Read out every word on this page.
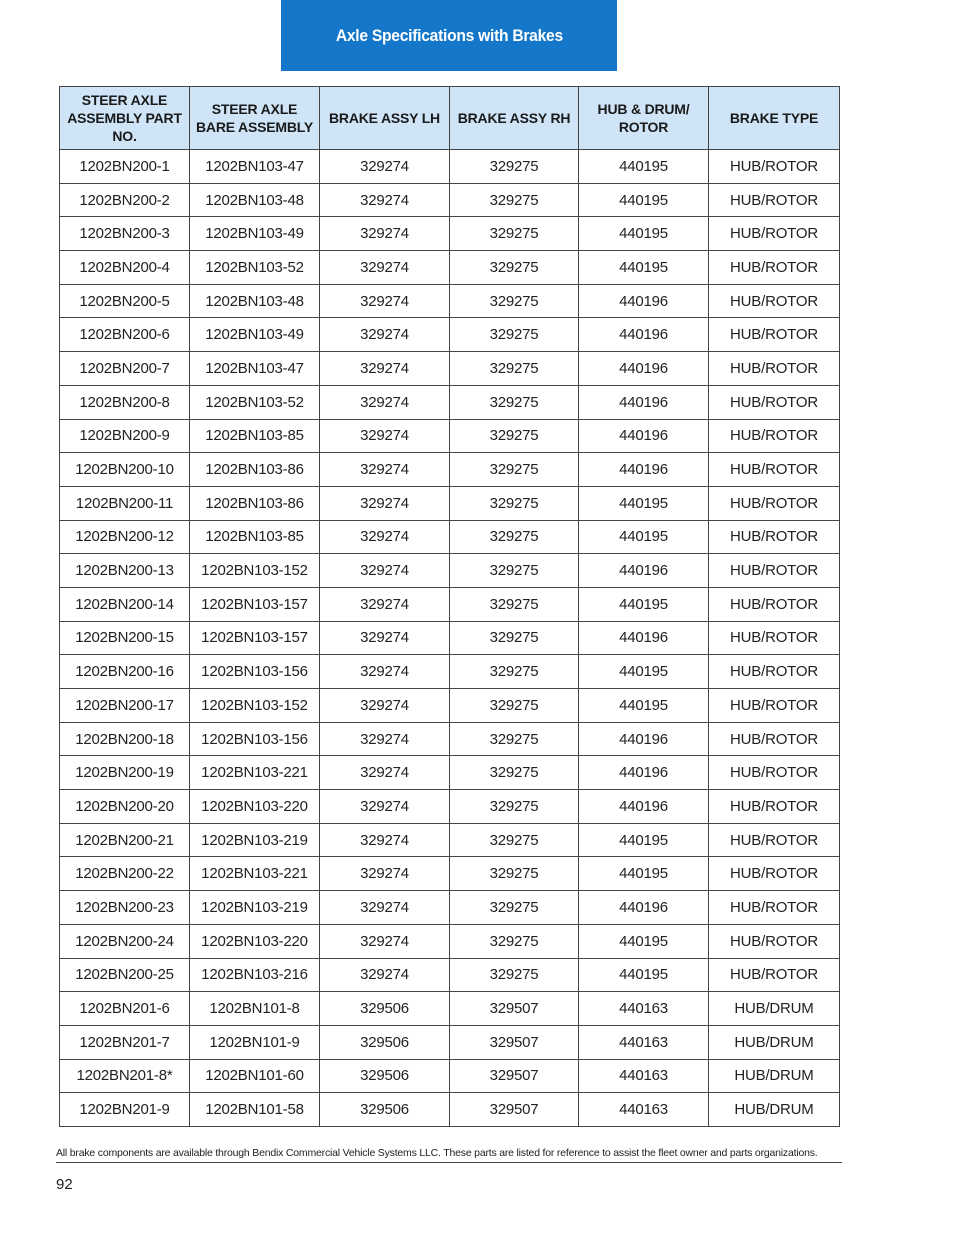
Axle Specifications with Brakes
STEER AXLE ASSEMBLY PART NO.	STEER AXLE BARE ASSEMBLY	BRAKE ASSY LH	BRAKE ASSY RH	HUB & DRUM/ ROTOR	BRAKE TYPE
1202BN200-1	1202BN103-47	329274	329275	440195	HUB/ROTOR
1202BN200-2	1202BN103-48	329274	329275	440195	HUB/ROTOR
1202BN200-3	1202BN103-49	329274	329275	440195	HUB/ROTOR
1202BN200-4	1202BN103-52	329274	329275	440195	HUB/ROTOR
1202BN200-5	1202BN103-48	329274	329275	440196	HUB/ROTOR
1202BN200-6	1202BN103-49	329274	329275	440196	HUB/ROTOR
1202BN200-7	1202BN103-47	329274	329275	440196	HUB/ROTOR
1202BN200-8	1202BN103-52	329274	329275	440196	HUB/ROTOR
1202BN200-9	1202BN103-85	329274	329275	440196	HUB/ROTOR
1202BN200-10	1202BN103-86	329274	329275	440196	HUB/ROTOR
1202BN200-11	1202BN103-86	329274	329275	440195	HUB/ROTOR
1202BN200-12	1202BN103-85	329274	329275	440195	HUB/ROTOR
1202BN200-13	1202BN103-152	329274	329275	440196	HUB/ROTOR
1202BN200-14	1202BN103-157	329274	329275	440195	HUB/ROTOR
1202BN200-15	1202BN103-157	329274	329275	440196	HUB/ROTOR
1202BN200-16	1202BN103-156	329274	329275	440195	HUB/ROTOR
1202BN200-17	1202BN103-152	329274	329275	440195	HUB/ROTOR
1202BN200-18	1202BN103-156	329274	329275	440196	HUB/ROTOR
1202BN200-19	1202BN103-221	329274	329275	440196	HUB/ROTOR
1202BN200-20	1202BN103-220	329274	329275	440196	HUB/ROTOR
1202BN200-21	1202BN103-219	329274	329275	440195	HUB/ROTOR
1202BN200-22	1202BN103-221	329274	329275	440195	HUB/ROTOR
1202BN200-23	1202BN103-219	329274	329275	440196	HUB/ROTOR
1202BN200-24	1202BN103-220	329274	329275	440195	HUB/ROTOR
1202BN200-25	1202BN103-216	329274	329275	440195	HUB/ROTOR
1202BN201-6	1202BN101-8	329506	329507	440163	HUB/DRUM
1202BN201-7	1202BN101-9	329506	329507	440163	HUB/DRUM
1202BN201-8*	1202BN101-60	329506	329507	440163	HUB/DRUM
1202BN201-9	1202BN101-58	329506	329507	440163	HUB/DRUM
All brake components are available through Bendix Commercial Vehicle Systems LLC. These parts are listed for reference to assist the fleet owner and parts organizations.
92
